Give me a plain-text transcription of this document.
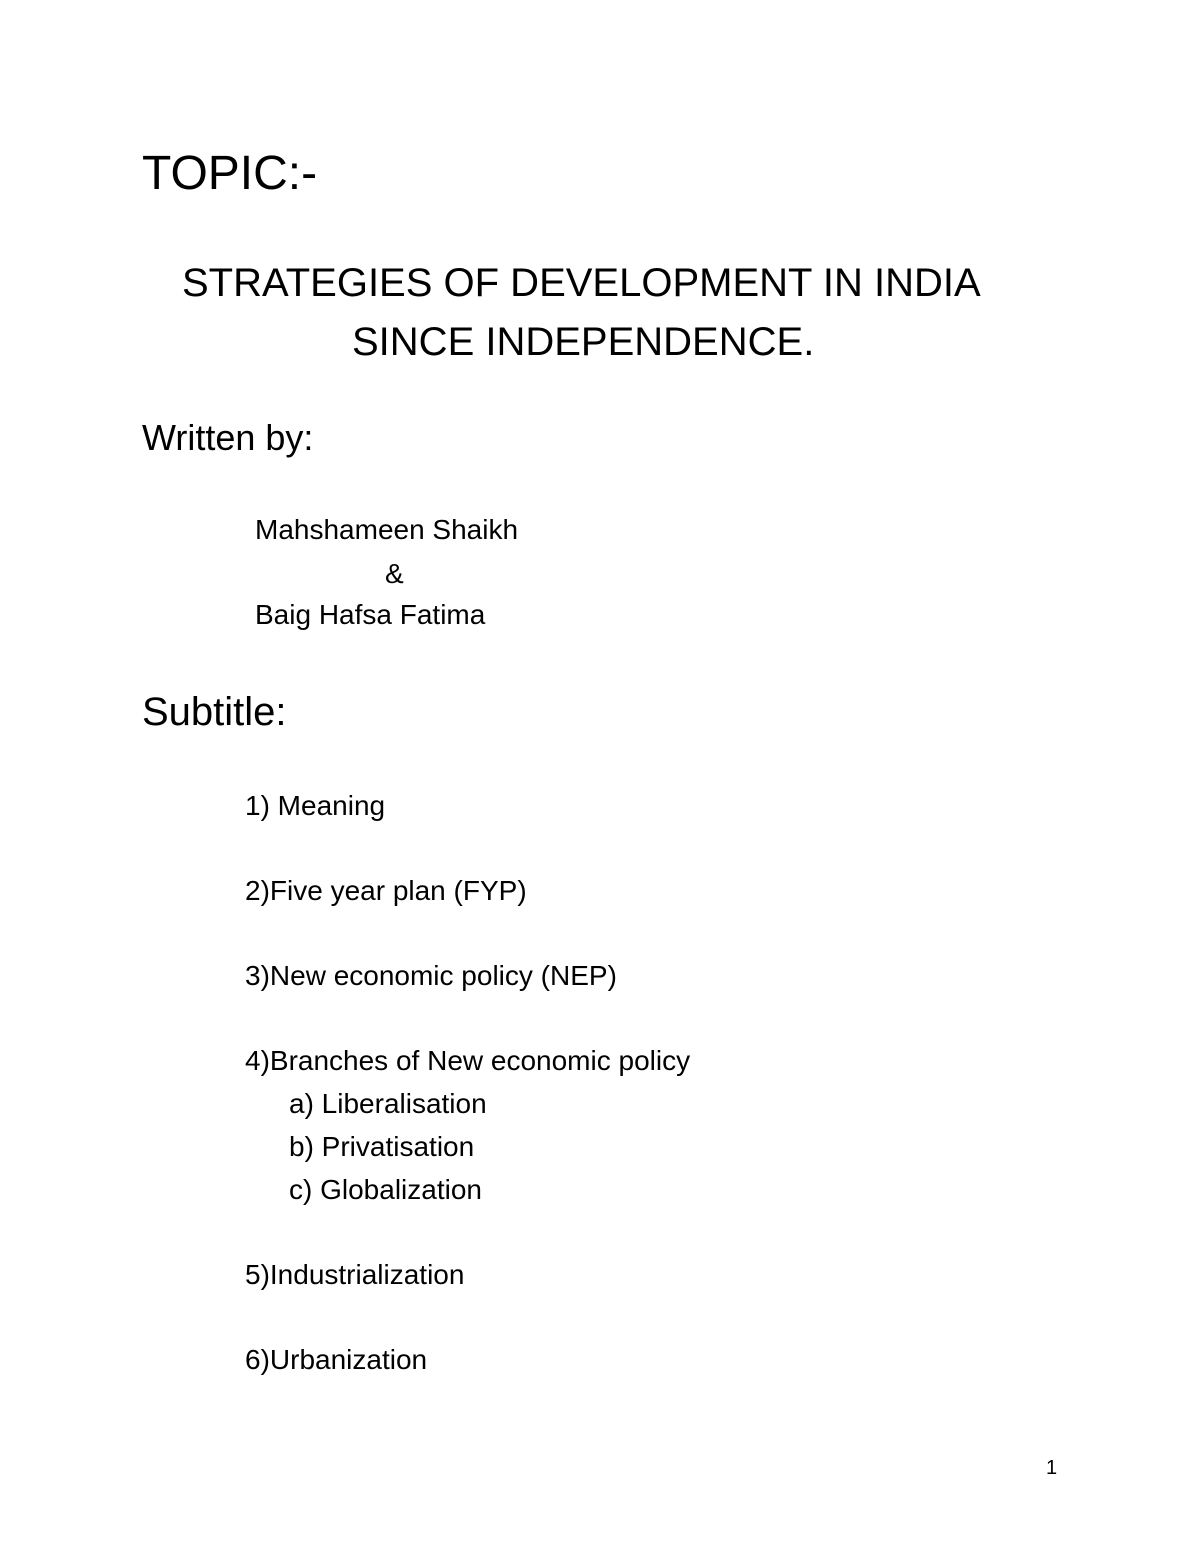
TOPIC:-
STRATEGIES OF DEVELOPMENT IN INDIA
SINCE INDEPENDENCE.
Written by:
Mahshameen Shaikh
&
Baig Hafsa Fatima
Subtitle:
1) Meaning
2)Five year plan (FYP)
3)New economic policy (NEP)
4)Branches of New economic policy
a) Liberalisation
b) Privatisation
c) Globalization
5)Industrialization
6)Urbanization
1
